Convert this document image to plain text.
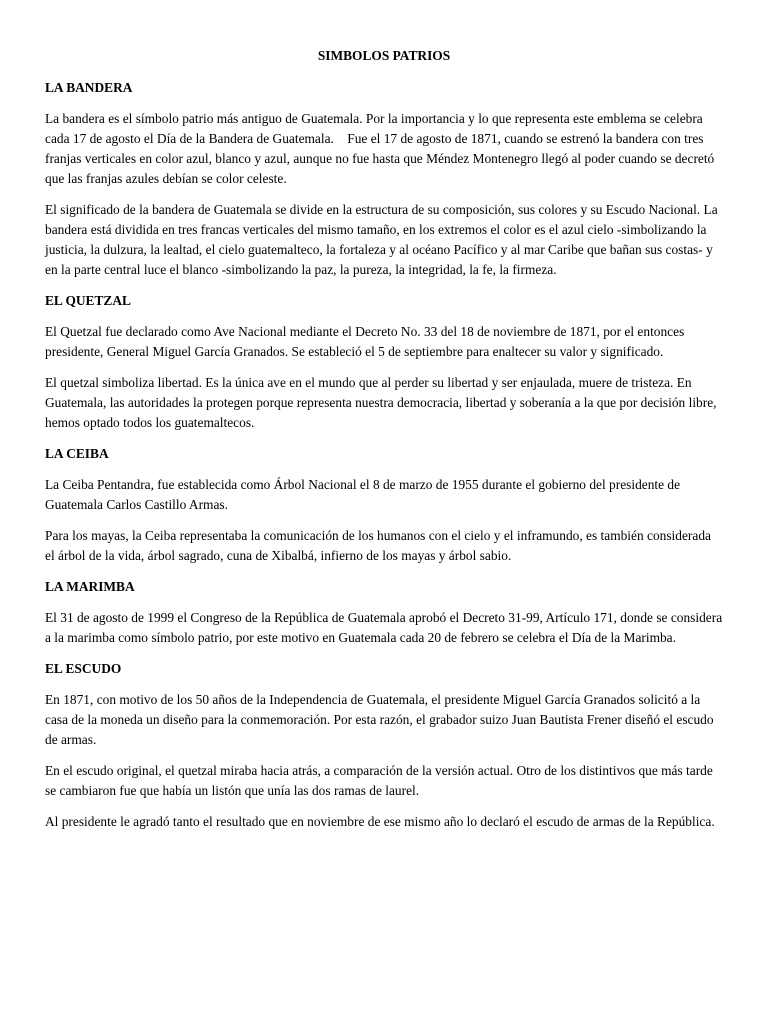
SIMBOLOS PATRIOS
LA BANDERA

La bandera es el símbolo patrio más antiguo de Guatemala. Por la importancia y lo que representa este emblema se celebra cada 17 de agosto el Día de la Bandera de Guatemala.    Fue el 17 de agosto de 1871, cuando se estrenó la bandera con tres franjas verticales en color azul, blanco y azul, aunque no fue hasta que Méndez Montenegro llegó al poder cuando se decretó que las franjas azules debían se color celeste.

El significado de la bandera de Guatemala se divide en la estructura de su composición, sus colores y su Escudo Nacional. La bandera está dividida en tres francas verticales del mismo tamaño, en los extremos el color es el azul cielo -simbolizando la justicia, la dulzura, la lealtad, el cielo guatemalteco, la fortaleza y al océano Pacífico y al mar Caribe que bañan sus costas- y en la parte central luce el blanco -simbolizando la paz, la pureza, la integridad, la fe, la firmeza.

EL QUETZAL

El Quetzal fue declarado como Ave Nacional mediante el Decreto No. 33 del 18 de noviembre de 1871, por el entonces presidente, General Miguel García Granados. Se estableció el 5 de septiembre para enaltecer su valor y significado.

El quetzal simboliza libertad. Es la única ave en el mundo que al perder su libertad y ser enjaulada, muere de tristeza. En Guatemala, las autoridades la protegen porque representa nuestra democracia, libertad y soberanía a la que por decisión libre, hemos optado todos los guatemaltecos.

LA CEIBA

La Ceiba Pentandra, fue establecida como Árbol Nacional el 8 de marzo de 1955 durante el gobierno del presidente de Guatemala Carlos Castillo Armas.

Para los mayas, la Ceiba representaba la comunicación de los humanos con el cielo y el inframundo, es también considerada el árbol de la vida, árbol sagrado, cuna de Xibalbá, infierno de los mayas y árbol sabio.

LA MARIMBA

El 31 de agosto de 1999 el Congreso de la República de Guatemala aprobó el Decreto 31-99, Artículo 171, donde se considera a la marimba como símbolo patrio, por este motivo en Guatemala cada 20 de febrero se celebra el Día de la Marimba.

EL ESCUDO

En 1871, con motivo de los 50 años de la Independencia de Guatemala, el presidente Miguel García Granados solicitó a la casa de la moneda un diseño para la conmemoración. Por esta razón, el grabador suizo Juan Bautista Frener diseñó el escudo de armas.

En el escudo original, el quetzal miraba hacia atrás, a comparación de la versión actual. Otro de los distintivos que más tarde se cambiaron fue que había un listón que unía las dos ramas de laurel.

Al presidente le agradó tanto el resultado que en noviembre de ese mismo año lo declaró el escudo de armas de la República.
